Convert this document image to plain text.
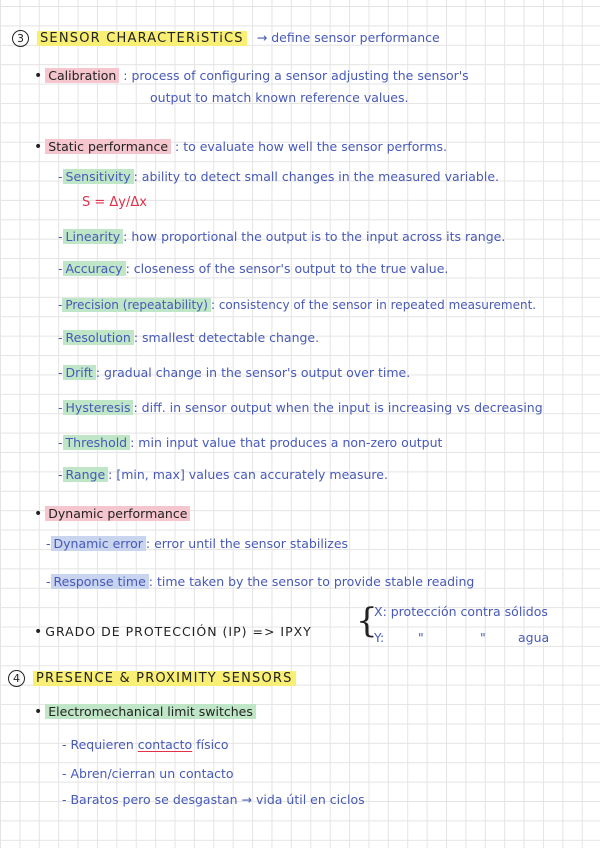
3 SENSOR CHARACTERiSTiCS → define sensor performance
• Calibration : process of configuring a sensor adjusting the sensor's
output to match known reference values.
• Static performance : to evaluate how well the sensor performs.
- Sensitivity : ability to detect small changes in the measured variable.
S = Δy/Δx
- Linearity : how proportional the output is to the input across its range.
- Accuracy : closeness of the sensor's output to the true value.
- Precision (repeatability) : consistency of the sensor in repeated measurement.
- Resolution : smallest detectable change.
- Drift : gradual change in the sensor's output over time.
- Hysteresis : diff. in sensor output when the input is increasing vs decreasing
- Threshold : min input value that produces a non-zero output
- Range : [min, max] values can accurately measure.
• Dynamic performance
- Dynamic error : error until the sensor stabilizes
- Response time : time taken by the sensor to provide stable reading
• GRADO DE PROTECCIÓN (IP) => IPXY {
X: protección contra sólidos
Y:	"	"	agua
4 PRESENCE & PROXIMITY SENSORS
• Electromechanical limit switches
- Requieren contacto físico
- Abren/cierran un contacto
- Baratos pero se desgastan → vida útil en ciclos
